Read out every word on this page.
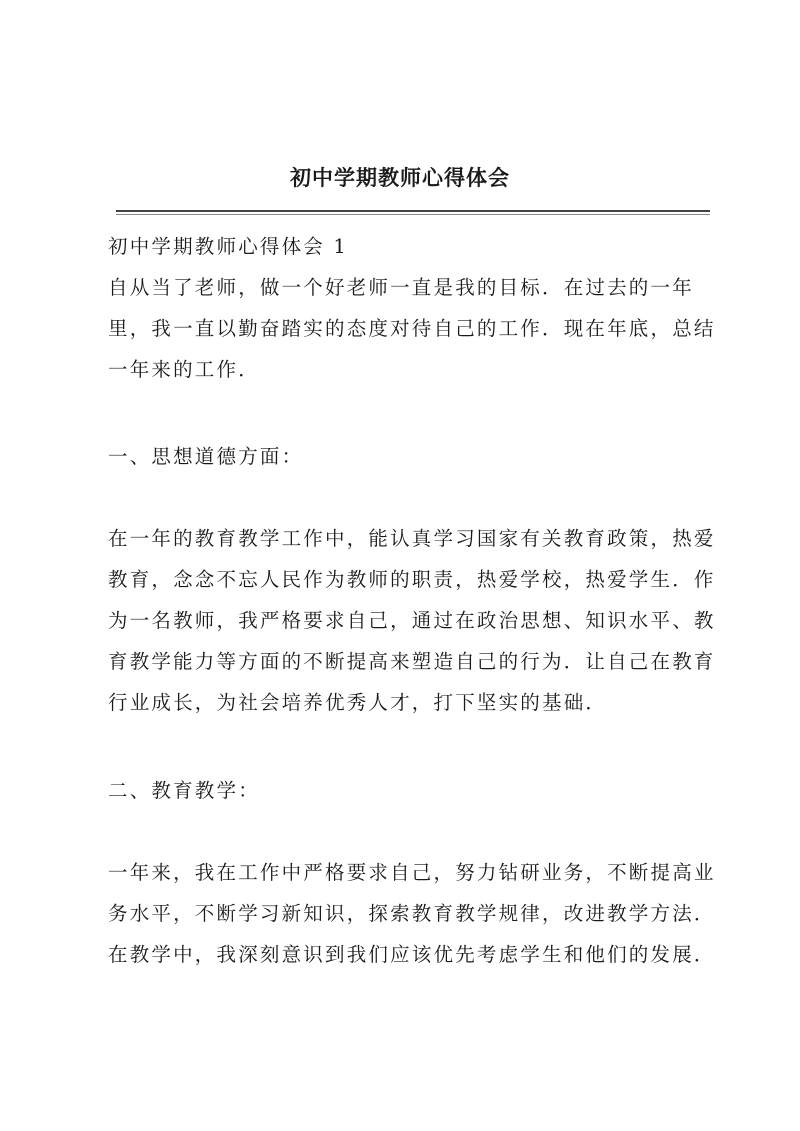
初中学期教师心得体会
初中学期教师心得体会 1
自从当了老师，做一个好老师一直是我的目标．在过去的一年
里，我一直以勤奋踏实的态度对待自己的工作．现在年底，总结
一年来的工作．
一、思想道德方面：
在一年的教育教学工作中，能认真学习国家有关教育政策，热爱
教育，念念不忘人民作为教师的职责，热爱学校，热爱学生．作
为一名教师，我严格要求自己，通过在政治思想、知识水平、教
育教学能力等方面的不断提高来塑造自己的行为．让自己在教育
行业成长，为社会培养优秀人才，打下坚实的基础．
二、教育教学：
一年来，我在工作中严格要求自己，努力钻研业务，不断提高业
务水平，不断学习新知识，探索教育教学规律，改进教学方法．
在教学中，我深刻意识到我们应该优先考虑学生和他们的发展．
